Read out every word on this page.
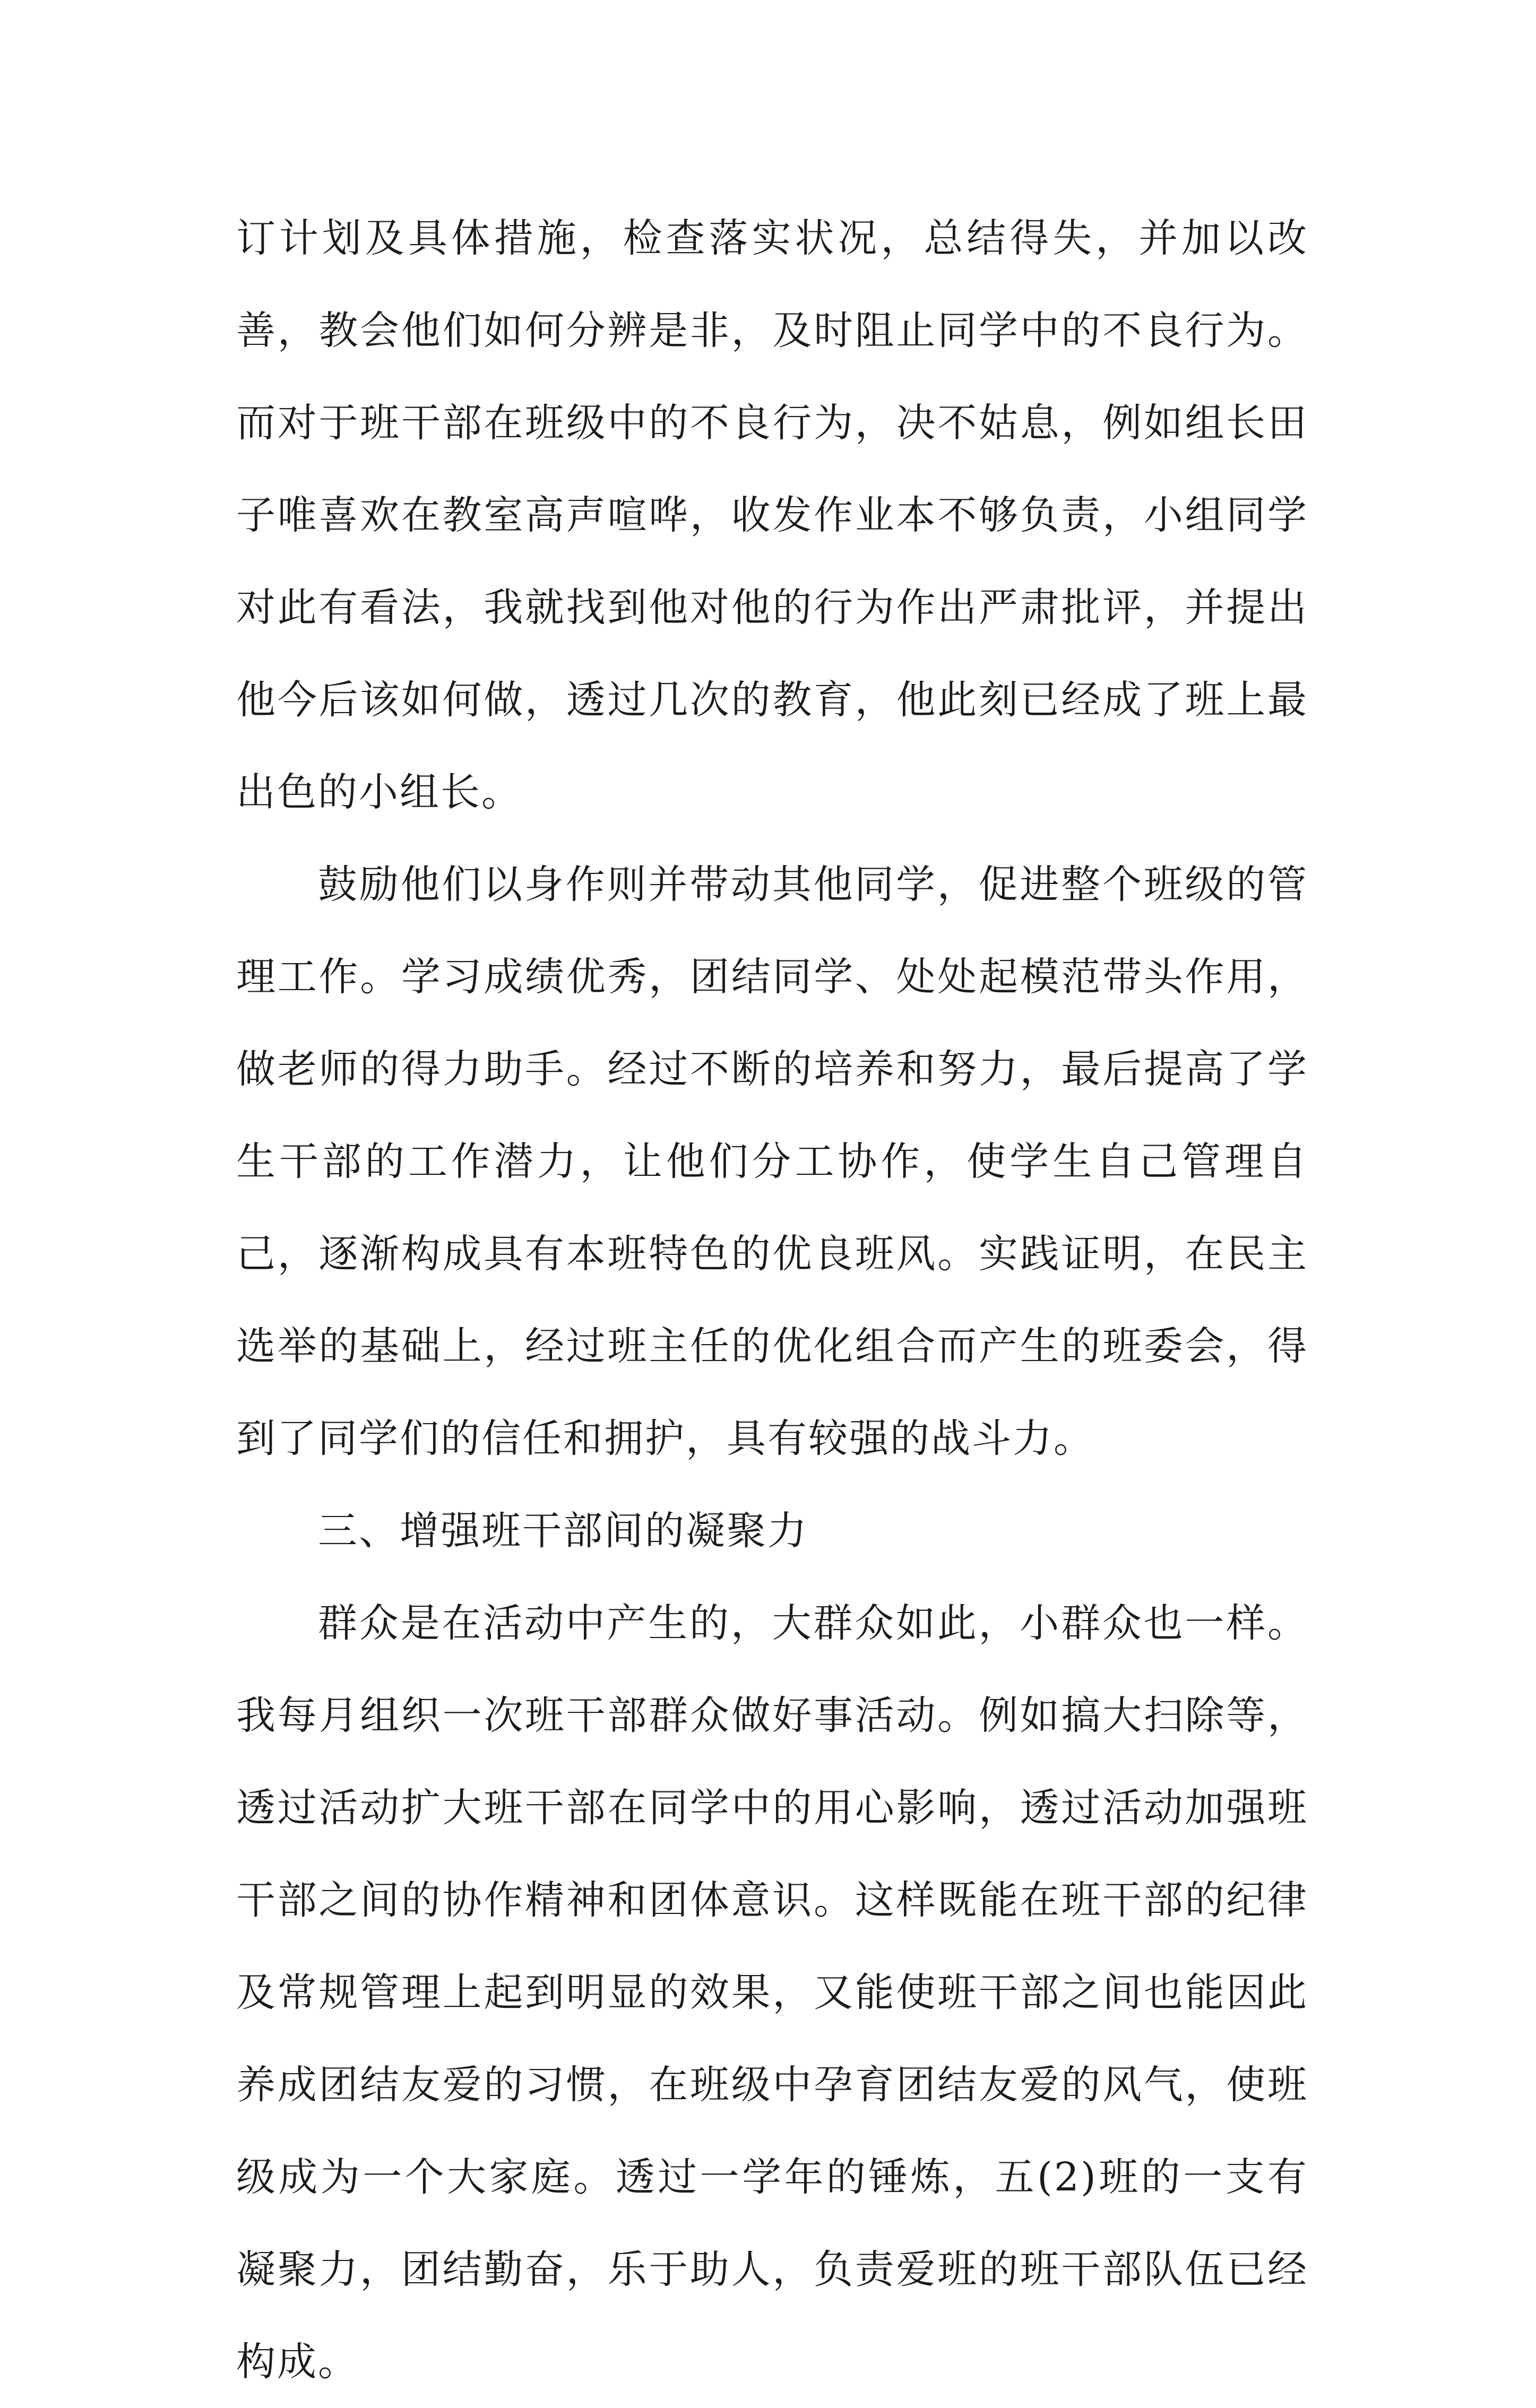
订计划及具体措施，检查落实状况，总结得失，并加以改善，教会他们如何分辨是非，及时阻止同学中的不良行为。而对于班干部在班级中的不良行为，决不姑息，例如组长田子唯喜欢在教室高声喧哗，收发作业本不够负责，小组同学对此有看法，我就找到他对他的行为作出严肃批评，并提出他今后该如何做，透过几次的教育，他此刻已经成了班上最出色的小组长。

鼓励他们以身作则并带动其他同学，促进整个班级的管理工作。学习成绩优秀，团结同学、处处起模范带头作用，做老师的得力助手。经过不断的培养和努力，最后提高了学生干部的工作潜力，让他们分工协作，使学生自己管理自己，逐渐构成具有本班特色的优良班风。实践证明，在民主选举的基础上，经过班主任的优化组合而产生的班委会，得到了同学们的信任和拥护，具有较强的战斗力。

三、增强班干部间的凝聚力

群众是在活动中产生的，大群众如此，小群众也一样。我每月组织一次班干部群众做好事活动。例如搞大扫除等，透过活动扩大班干部在同学中的用心影响，透过活动加强班干部之间的协作精神和团体意识。这样既能在班干部的纪律及常规管理上起到明显的效果，又能使班干部之间也能因此养成团结友爱的习惯，在班级中孕育团结友爱的风气，使班级成为一个大家庭。透过一学年的锤炼，五(2)班的一支有凝聚力，团结勤奋，乐于助人，负责爱班的班干部队伍已经构成。
